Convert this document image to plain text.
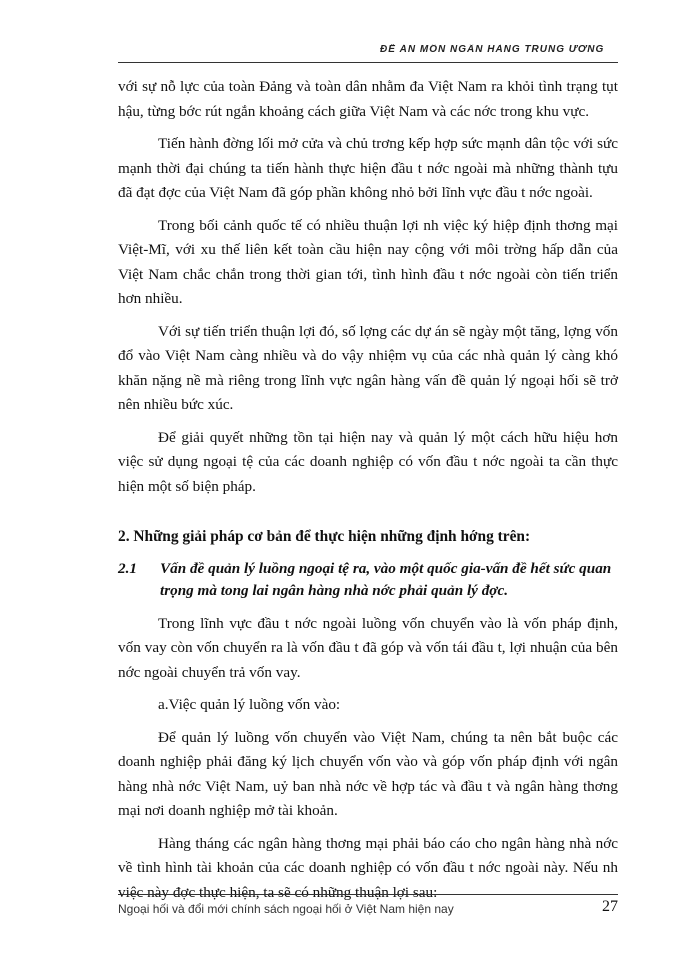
ĐỀ ÁN MÔN NGÂN HÀNG TRUNG ƯƠNG

với sự nỗ lực của toàn Đảng và toàn dân nhằm đa Việt Nam ra khỏi tình trạng tụt hậu, từng bớc rút ngắn khoảng cách giữa Việt Nam và các nớc trong khu vực.

Tiến hành đờng lối mở cửa và chủ trơng kếp hợp sức mạnh dân tộc với sức mạnh thời đại chúng ta tiến hành thực hiện đầu t nớc ngoài mà những thành tựu đã đạt đợc của Việt Nam đã góp phần không nhỏ bởi lĩnh vực đầu t nớc ngoài.

Trong bối cảnh quốc tế có nhiều thuận lợi nh việc ký hiệp định thơng mại Việt-Mĩ, với xu thế liên kết toàn cầu hiện nay cộng với môi trờng hấp dẫn của Việt Nam chắc chắn trong thời gian tới, tình hình đầu t nớc ngoài còn tiến triển hơn nhiều.

Với sự tiến triển thuận lợi đó, số lợng các dự án sẽ ngày một tăng, lợng vốn đổ vào Việt Nam càng nhiều và do vậy nhiệm vụ của các nhà quản lý càng khó khăn nặng nề mà riêng trong lĩnh vực ngân hàng vấn đề quản lý ngoại hối sẽ trở nên nhiều bức xúc.

Để giải quyết những tồn tại hiện nay và quản lý một cách hữu hiệu hơn việc sử dụng ngoại tệ của các doanh nghiệp có vốn đầu t nớc ngoài ta cần thực hiện một số biện pháp.

2. Những giải pháp cơ bản để thực hiện những định hớng trên:

2.1	Vấn đề quản lý luồng ngoại tệ ra, vào một quốc gia-vấn đề hết sức quan trọng mà tong lai ngân hàng nhà nớc phải quản lý đợc.

Trong lĩnh vực đầu t nớc ngoài luồng vốn chuyển vào là vốn pháp định, vốn vay còn vốn chuyển ra là vốn đầu t đã góp và vốn tái đầu t, lợi nhuận của bên nớc ngoài chuyển trả vốn vay.

a.Việc quản lý luồng vốn vào:

Để quản lý luồng vốn chuyển vào Việt Nam, chúng ta nên bắt buộc các doanh nghiệp phải đăng ký lịch chuyển vốn vào và góp vốn pháp định với ngân hàng nhà nớc Việt Nam, uỷ ban nhà nớc về hợp tác và đầu t và ngân hàng thơng mại nơi doanh nghiệp mở tài khoản.

Hàng tháng các ngân hàng thơng mại phải báo cáo cho ngân hàng nhà nớc về tình hình tài khoản của các doanh nghiệp có vốn đầu t nớc ngoài này. Nếu nh việc này đợc thực hiện, ta sẽ có những thuận lợi sau:

Ngoại hối và đổi mới chính sách ngoại hối ở Việt Nam hiện nay	27
